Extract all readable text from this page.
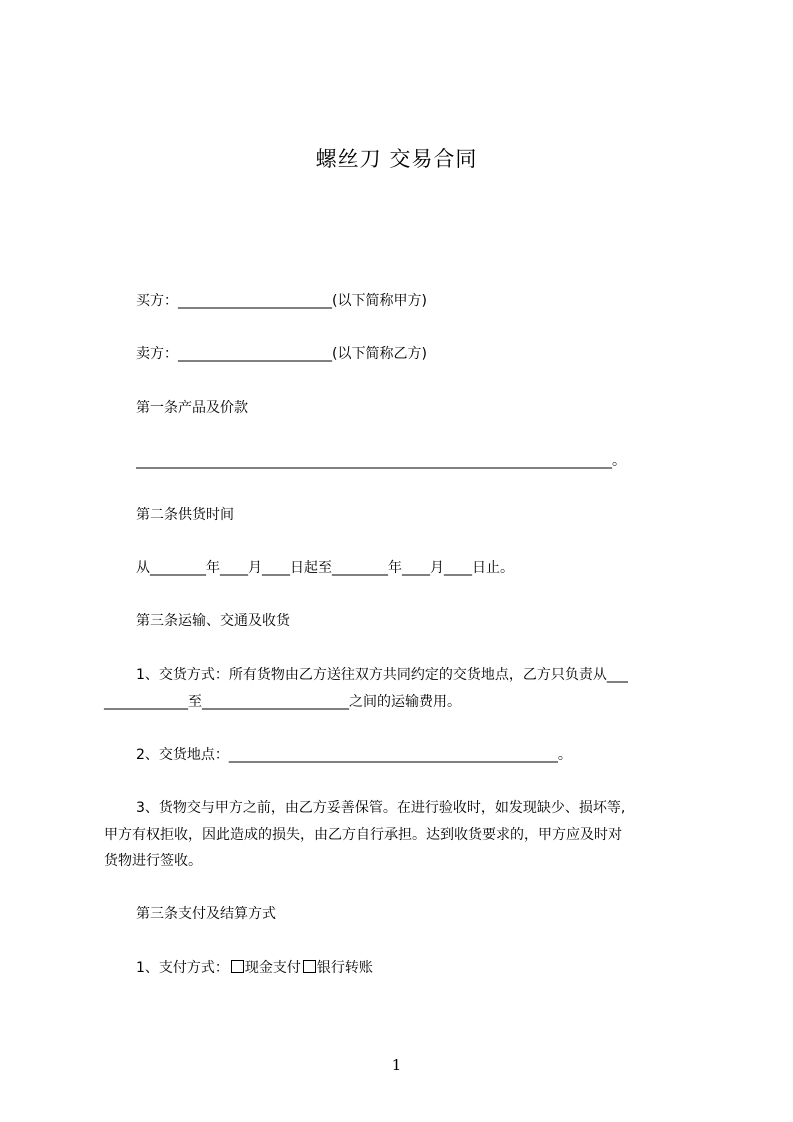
螺丝刀 交易合同
买方：______________________(以下简称甲方)
卖方：______________________(以下简称乙方)
第一条产品及价款
____________________________________________________________________。
第二条供货时间
从________年____月____日起至________年____月____日止。
第三条运输、交通及收货
1、交货方式：所有货物由乙方送往双方共同约定的交货地点，乙方只负责从___
____________至_____________________之间的运输费用。
2、交货地点：_______________________________________________。
3、货物交与甲方之前，由乙方妥善保管。在进行验收时，如发现缺少、损坏等,
甲方有权拒收，因此造成的损失，由乙方自行承担。达到收货要求的，甲方应及时对
货物进行签收。
第三条支付及结算方式
1、支付方式： 现金支付 银行转账
1
